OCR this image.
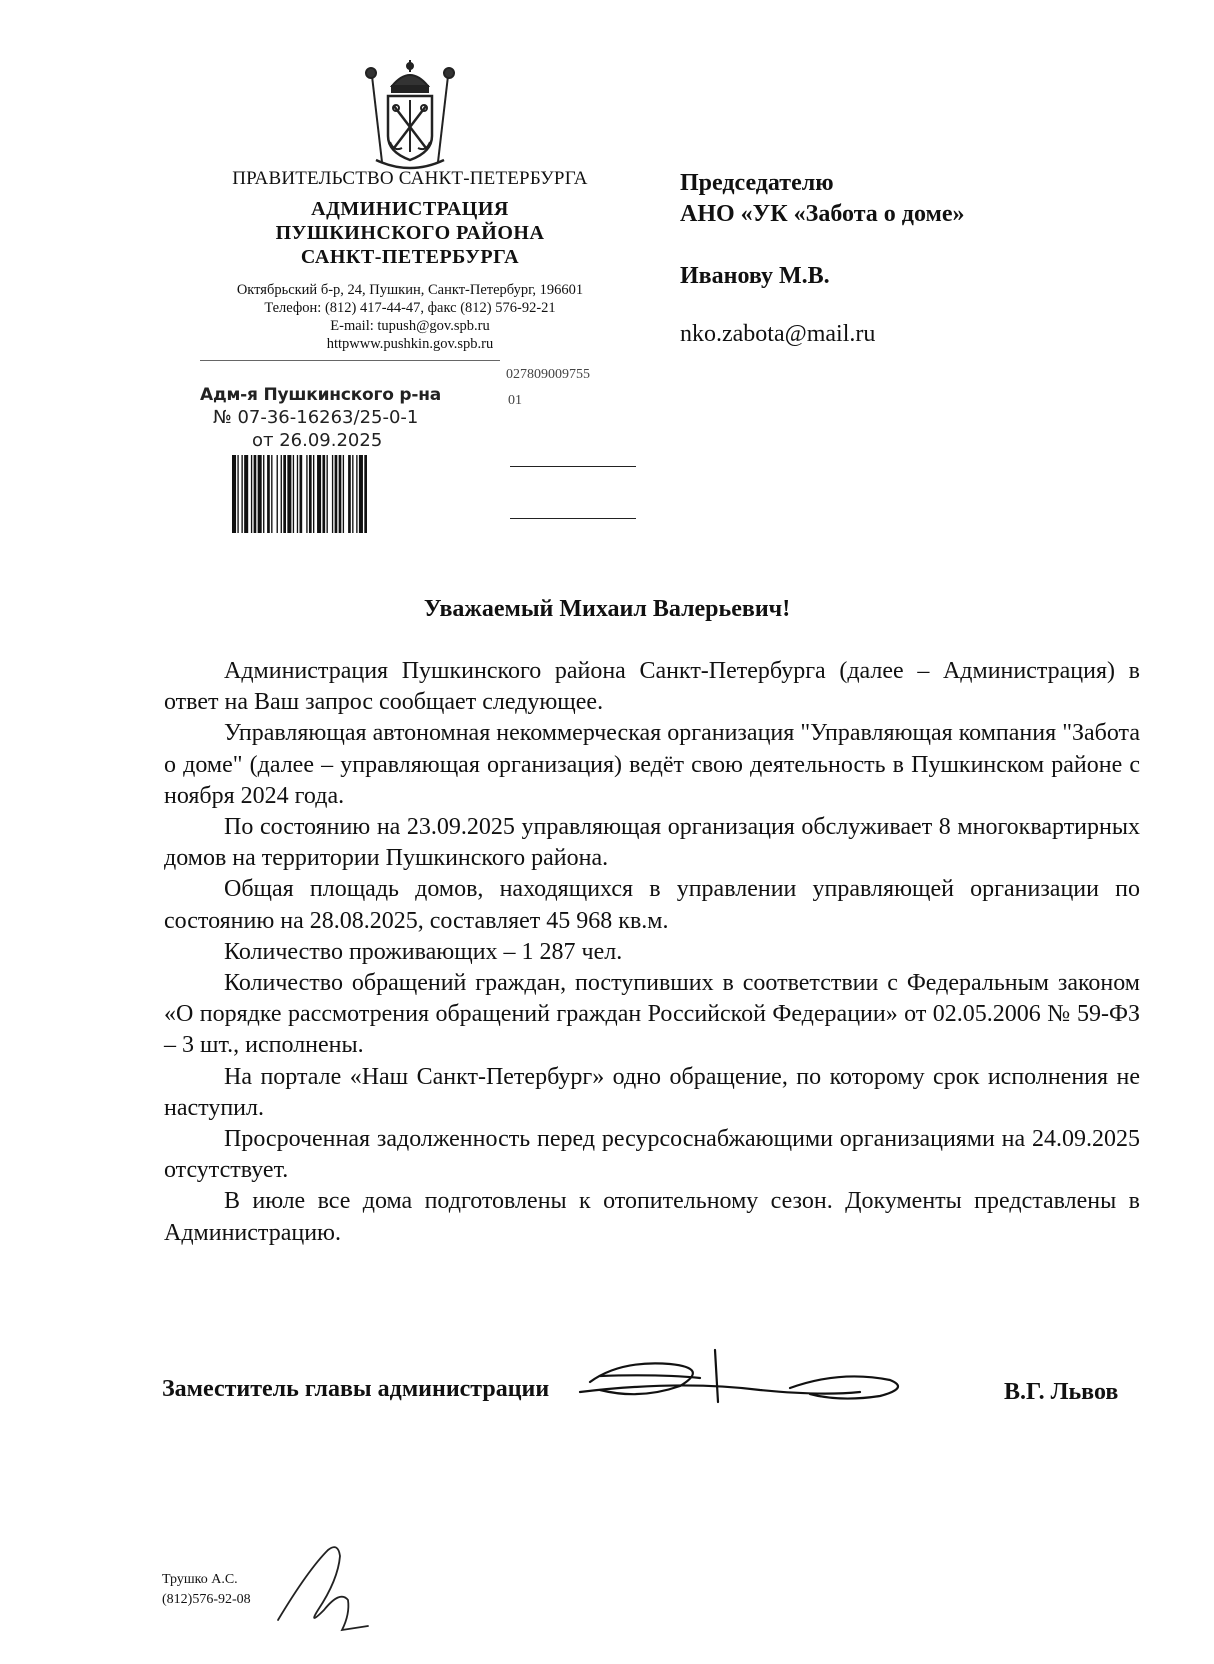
ПРАВИТЕЛЬСТВО САНКТ-ПЕТЕРБУРГА
АДМИНИСТРАЦИЯ
ПУШКИНСКОГО РАЙОНА
САНКТ-ПЕТЕРБУРГА
Октябрьский б-р, 24, Пушкин, Санкт-Петербург, 196601
Телефон: (812) 417-44-47, факс (812) 576-92-21
E-mail: tupush@gov.spb.ru
httpwww.pushkin.gov.spb.ru
Адм-я Пушкинского р-на
№ 07-36-16263/25-0-1
от 26.09.2025
027809009755
01
Председателю
АНО «УК «Забота о доме»
Иванову М.В.
nko.zabota@mail.ru
Уважаемый Михаил Валерьевич!

Администрация Пушкинского района Санкт-Петербурга (далее – Администрация) в ответ на Ваш запрос сообщает следующее.

Управляющая автономная некоммерческая организация "Управляющая компания "Забота о доме" (далее – управляющая организация) ведёт свою деятельность в Пушкинском районе с ноября 2024 года.

По состоянию на 23.09.2025 управляющая организация обслуживает 8 многоквартирных домов на территории Пушкинского района.

Общая площадь домов, находящихся в управлении управляющей организации по состоянию на 28.08.2025, составляет 45 968 кв.м.

Количество проживающих – 1 287 чел.

Количество обращений граждан, поступивших в соответствии с Федеральным законом «О порядке рассмотрения обращений граждан Российской Федерации» от 02.05.2006 № 59-ФЗ – 3 шт., исполнены.

На портале «Наш Санкт-Петербург» одно обращение, по которому срок исполнения не наступил.

Просроченная задолженность перед ресурсоснабжающими организациями на 24.09.2025 отсутствует.

В июле все дома подготовлены к отопительному сезон. Документы представлены в Администрацию.

Заместитель главы администрации	В.Г. Львов
Трушко А.С.
(812)576-92-08
